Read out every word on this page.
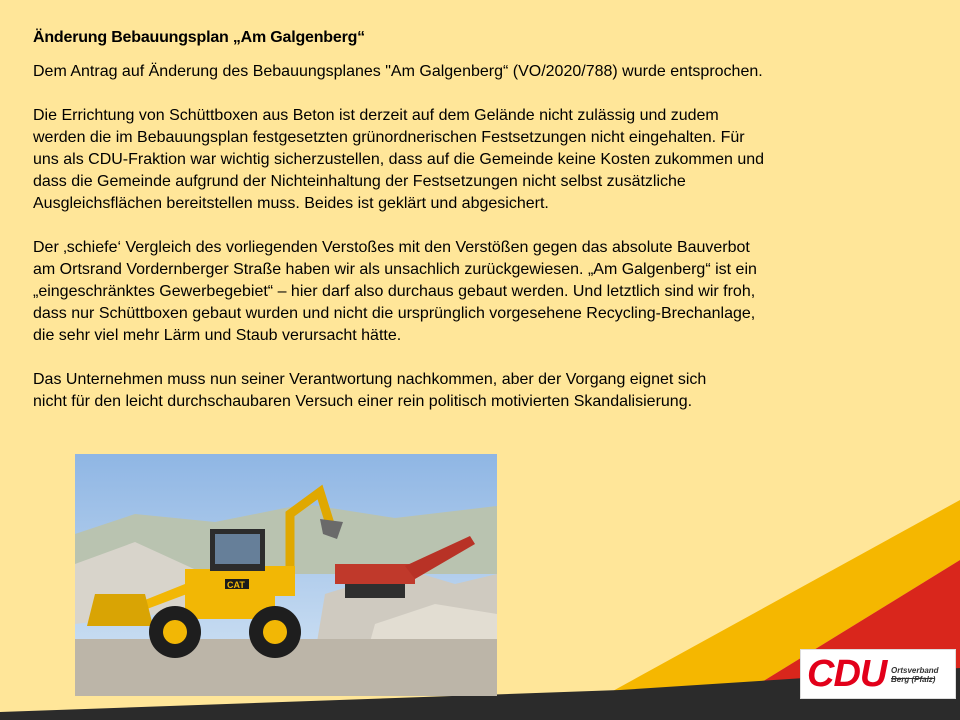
Änderung Bebauungsplan „Am Galgenberg“

Dem Antrag auf Änderung des Bebauungsplanes "Am Galgenberg“ (VO/2020/788) wurde entsprochen.

Die Errichtung von Schüttboxen aus Beton ist derzeit auf dem Gelände nicht zulässig und zudem
werden die im Bebauungsplan festgesetzten grünordnerischen Festsetzungen nicht eingehalten. Für
uns als CDU-Fraktion war wichtig sicherzustellen, dass auf die Gemeinde keine Kosten zukommen und
dass die Gemeinde aufgrund der Nichteinhaltung der Festsetzungen nicht selbst zusätzliche
Ausgleichsflächen bereitstellen muss. Beides ist geklärt und abgesichert.

Der ‚schiefe‘ Vergleich des vorliegenden Verstoßes mit den Verstößen gegen das absolute Bauverbot
am Ortsrand Vordernberger Straße haben wir als unsachlich zurückgewiesen. „Am Galgenberg“ ist ein
„eingeschränktes Gewerbegebiet“ – hier darf also durchaus gebaut werden. Und letztlich sind wir froh,
dass nur Schüttboxen gebaut wurden und nicht die ursprünglich vorgesehene Recycling-Brechanlage,
die sehr viel mehr Lärm und Staub verursacht hätte.

Das Unternehmen muss nun seiner Verantwortung nachkommen, aber der Vorgang eignet sich
nicht für den leicht durchschaubaren Versuch einer rein politisch motivierten Skandalisierung.

CAT
CDU Ortsverband
Berg (Pfalz)
